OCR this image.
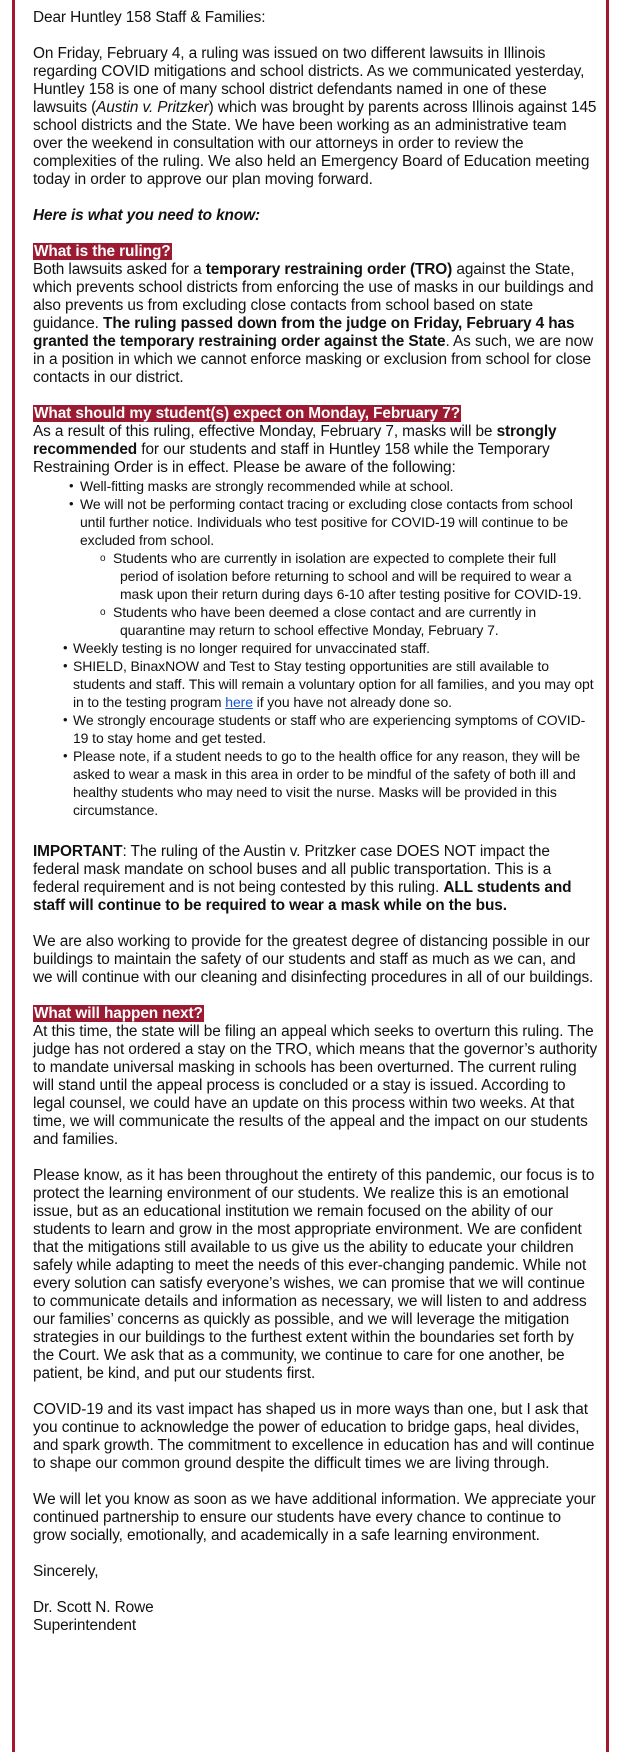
Dear Huntley 158 Staff & Families:

On Friday, February 4, a ruling was issued on two different lawsuits in Illinois regarding COVID mitigations and school districts. As we communicated yesterday, Huntley 158 is one of many school district defendants named in one of these lawsuits (Austin v. Pritzker) which was brought by parents across Illinois against 145 school districts and the State. We have been working as an administrative team over the weekend in consultation with our attorneys in order to review the complexities of the ruling. We also held an Emergency Board of Education meeting today in order to approve our plan moving forward.

Here is what you need to know:

What is the ruling?

Both lawsuits asked for a temporary restraining order (TRO) against the State, which prevents school districts from enforcing the use of masks in our buildings and also prevents us from excluding close contacts from school based on state guidance. The ruling passed down from the judge on Friday, February 4 has granted the temporary restraining order against the State. As such, we are now in a position in which we cannot enforce masking or exclusion from school for close contacts in our district.

What should my student(s) expect on Monday, February 7?

As a result of this ruling, effective Monday, February 7, masks will be strongly recommended for our students and staff in Huntley 158 while the Temporary Restraining Order is in effect. Please be aware of the following:

• Well-fitting masks are strongly recommended while at school.
• We will not be performing contact tracing or excluding close contacts from school until further notice. Individuals who test positive for COVID-19 will continue to be excluded from school.
o Students who are currently in isolation are expected to complete their full period of isolation before returning to school and will be required to wear a mask upon their return during days 6-10 after testing positive for COVID-19.
o Students who have been deemed a close contact and are currently in quarantine may return to school effective Monday, February 7.
• Weekly testing is no longer required for unvaccinated staff.
• SHIELD, BinaxNOW and Test to Stay testing opportunities are still available to students and staff. This will remain a voluntary option for all families, and you may opt in to the testing program here if you have not already done so.
• We strongly encourage students or staff who are experiencing symptoms of COVID-19 to stay home and get tested.
• Please note, if a student needs to go to the health office for any reason, they will be asked to wear a mask in this area in order to be mindful of the safety of both ill and healthy students who may need to visit the nurse. Masks will be provided in this circumstance.

IMPORTANT: The ruling of the Austin v. Pritzker case DOES NOT impact the federal mask mandate on school buses and all public transportation. This is a federal requirement and is not being contested by this ruling. ALL students and staff will continue to be required to wear a mask while on the bus.

We are also working to provide for the greatest degree of distancing possible in our buildings to maintain the safety of our students and staff as much as we can, and we will continue with our cleaning and disinfecting procedures in all of our buildings.

What will happen next?

At this time, the state will be filing an appeal which seeks to overturn this ruling. The judge has not ordered a stay on the TRO, which means that the governor’s authority to mandate universal masking in schools has been overturned. The current ruling will stand until the appeal process is concluded or a stay is issued. According to legal counsel, we could have an update on this process within two weeks. At that time, we will communicate the results of the appeal and the impact on our students and families.

Please know, as it has been throughout the entirety of this pandemic, our focus is to protect the learning environment of our students. We realize this is an emotional issue, but as an educational institution we remain focused on the ability of our students to learn and grow in the most appropriate environment. We are confident that the mitigations still available to us give us the ability to educate your children safely while adapting to meet the needs of this ever-changing pandemic. While not every solution can satisfy everyone’s wishes, we can promise that we will continue to communicate details and information as necessary, we will listen to and address our families’ concerns as quickly as possible, and we will leverage the mitigation strategies in our buildings to the furthest extent within the boundaries set forth by the Court. We ask that as a community, we continue to care for one another, be patient, be kind, and put our students first.

COVID-19 and its vast impact has shaped us in more ways than one, but I ask that you continue to acknowledge the power of education to bridge gaps, heal divides, and spark growth. The commitment to excellence in education has and will continue to shape our common ground despite the difficult times we are living through.

We will let you know as soon as we have additional information. We appreciate your continued partnership to ensure our students have every chance to continue to grow socially, emotionally, and academically in a safe learning environment.

Sincerely,

Dr. Scott N. Rowe

Superintendent
